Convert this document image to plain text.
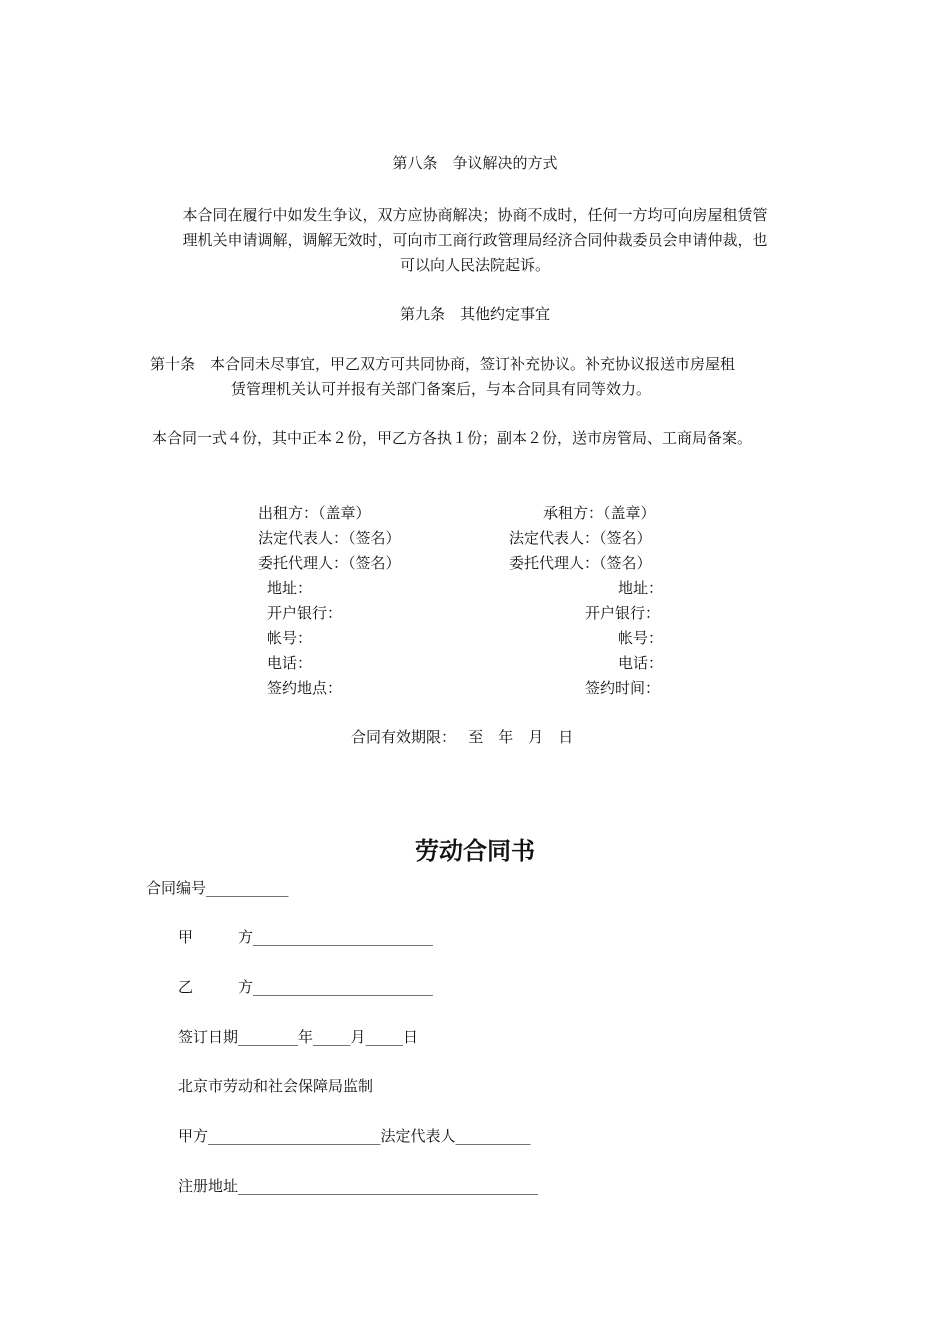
第八条　争议解决的方式
本合同在履行中如发生争议，双方应协商解决；协商不成时，任何一方均可向房屋租赁管
理机关申请调解，调解无效时，可向市工商行政管理局经济合同仲裁委员会申请仲裁，也
可以向人民法院起诉。
第九条　其他约定事宜
第十条　本合同未尽事宜，甲乙双方可共同协商，签订补充协议。补充协议报送市房屋租
赁管理机关认可并报有关部门备案后，与本合同具有同等效力。
本合同一式４份，其中正本２份，甲乙方各执１份；副本２份，送市房管局、工商局备案。
出租方：（盖章）
法定代表人：（签名）
委托代理人：（签名）
地址：
开户银行：
帐号：
电话：
签约地点：
承租方：（盖章）
法定代表人：（签名）
委托代理人：（签名）
地址：
开户银行：
帐号：
电话：
签约时间：
合同有效期限：　 至　年　月　日
劳动合同书
合同编号___________
甲　　　方________________________
乙　　　方________________________
签订日期________年_____月_____日
北京市劳动和社会保障局监制
甲方_______________________法定代表人__________
注册地址________________________________________
